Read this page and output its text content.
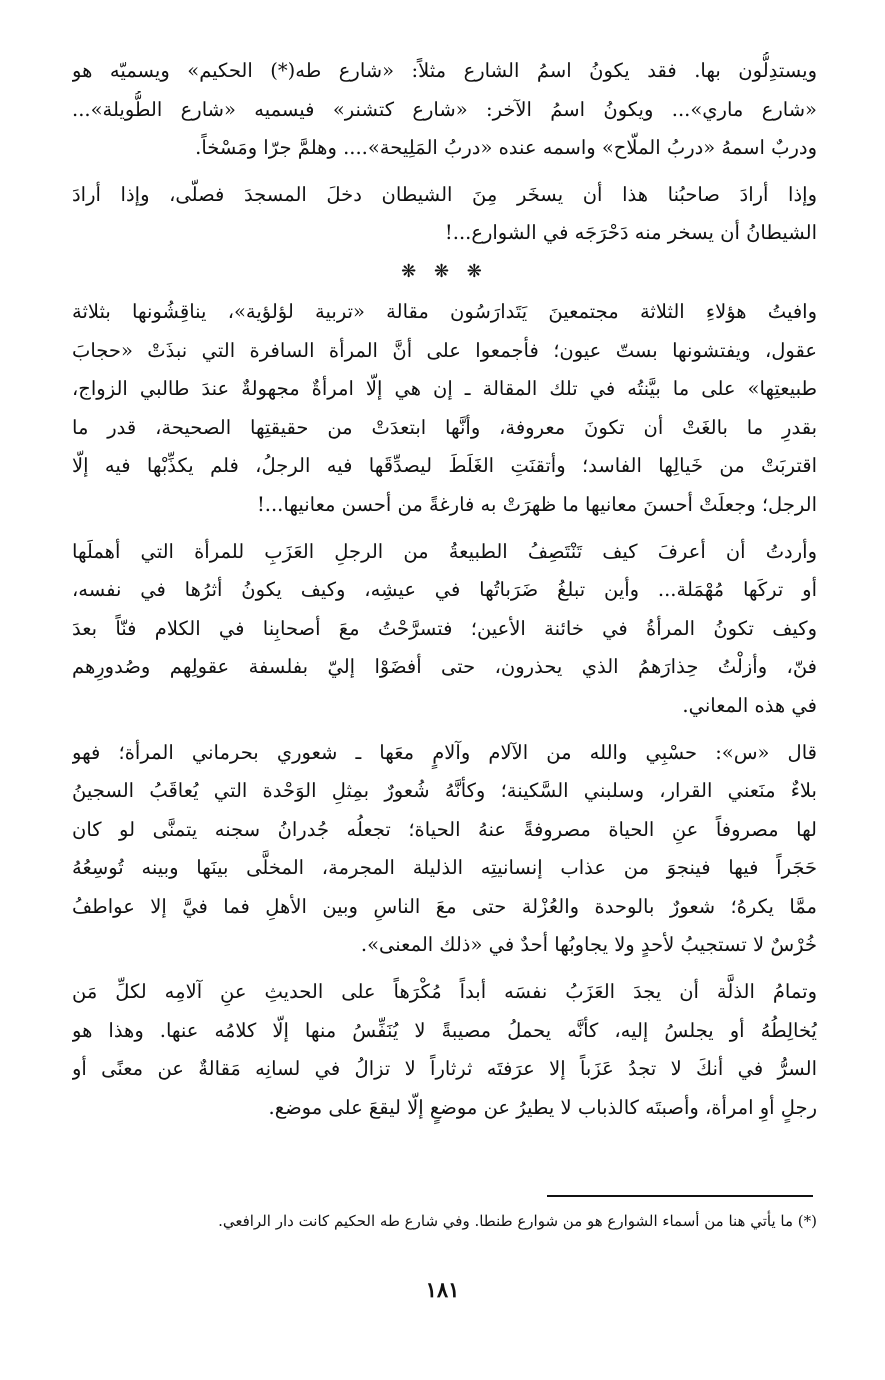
ويستدِلُّون بها. فقد يكونُ اسمُ الشارع مثلاً: «شارع طه(*) الحكيم» ويسميّه هو
«شارع ماري»... ويكونُ اسمُ الآخر: «شارع كتشنر» فيسميه «شارع الطُّويلة»...
ودربٌ اسمهُ «دربُ الملّاح» واسمه عنده «دربُ المَلِيحة».... وهلمَّ جرّا ومَسْخاً.
وإذا أرادَ صاحبُنا هذا أن يسخَر مِنَ الشيطان دخلَ المسجدَ فصلّى، وإذا أرادَ
الشيطانُ أن يسخر منه دَحْرَجَه في الشوارع...!
❋ ❋ ❋
وافيتُ هؤلاءِ الثلاثة مجتمعينَ يَتَدارَسُون مقالة «تربية لؤلؤية»، يناقِشُونها بثلاثة
عقول، ويفتشونها بستّ عيون؛ فأجمعوا على أنَّ المرأة السافرة التي نبذَتْ «حجابَ
طبيعتِها» على ما بيَّنتُه في تلك المقالة ـ إن هي إلّا امرأةٌ مجهولةٌ عندَ طالبي الزواج،
بقدرِ ما بالغَتْ أن تكونَ معروفة، وأنَّها ابتعدَتْ من حقيقتِها الصحيحة، قدر ما
اقتربَتْ من خَيالِها الفاسد؛ وأتقنَتِ الغَلَطَ ليصدِّقَها فيه الرجلُ، فلم يكذِّبْها فيه إلّا
الرجل؛ وجعلَتْ أحسنَ معانيها ما ظهرَتْ به فارغةً من أحسن معانيها...!
وأردتُ أن أعرفَ كيف تَنْتَصِفُ الطبيعةُ من الرجلِ العَزَبِ للمرأة التي أهملَها
أو تركَها مُهْمَلة... وأين تبلغُ ضَرَباتُها في عيشِه، وكيف يكونُ أثرُها في نفسه،
وكيف تكونُ المرأةُ في خائنة الأعين؛ فتسرَّحْتُ معَ أصحابِنا في الكلام فنّاً بعدَ
فنّ، وأزلْتُ حِذارَهمُ الذي يحذرون، حتى أفضَوْا إليّ بفلسفة عقولِهم وصُدورِهم
في هذه المعاني.
قال «س»: حسْبِي والله من الآلام وآلامٍ معَها ـ شعوري بحرماني المرأة؛ فهو
بلاءٌ منَعني القرار، وسلبني السَّكينة؛ وكأنَّهُ شُعورٌ بمِثلِ الوَحْدة التي يُعاقَبُ السجينُ
لها مصروفاً عنِ الحياة مصروفةً عنهُ الحياة؛ تجعلُه جُدرانُ سجنه يتمنَّى لو كان
حَجَراً فيها فينجوَ من عذاب إنسانيتِه الذليلة المجرمة، المخلَّى بينَها وبينه تُوسِعُهُ
ممَّا يكرهُ؛ شعورٌ بالوحدة والعُزْلة حتى معَ الناسِ وبين الأهلِ فما فيَّ إلا عواطفُ
خُرْسٌ لا تستجيبُ لأحدٍ ولا يجاوبُها أحدٌ في «ذلك المعنى».
وتمامُ الذلَّة أن يجدَ العَزَبُ نفسَه أبداً مُكْرَهاً على الحديثِ عنِ آلامِه لكلِّ مَن
يُخالِطُهُ أو يجلسُ إليه، كأنَّه يحملُ مصيبةً لا يُنَفِّسُ منها إلّا كلامُه عنها. وهذا هو
السرُّ في أنكَ لا تجدُ عَزَباً إلا عرَفتَه ثرثاراً لا تزالُ في لسانِه مَقالةٌ عن معنًى أو
رجلٍ أوِ امرأة، وأصبتَه كالذباب لا يطيرُ عن موضعٍ إلّا ليقعَ على موضع.
(*) ما يأتي هنا من أسماء الشوارع هو من شوارع طنطا. وفي شارع طه الحكيم كانت دار الرافعي.
١٨١
